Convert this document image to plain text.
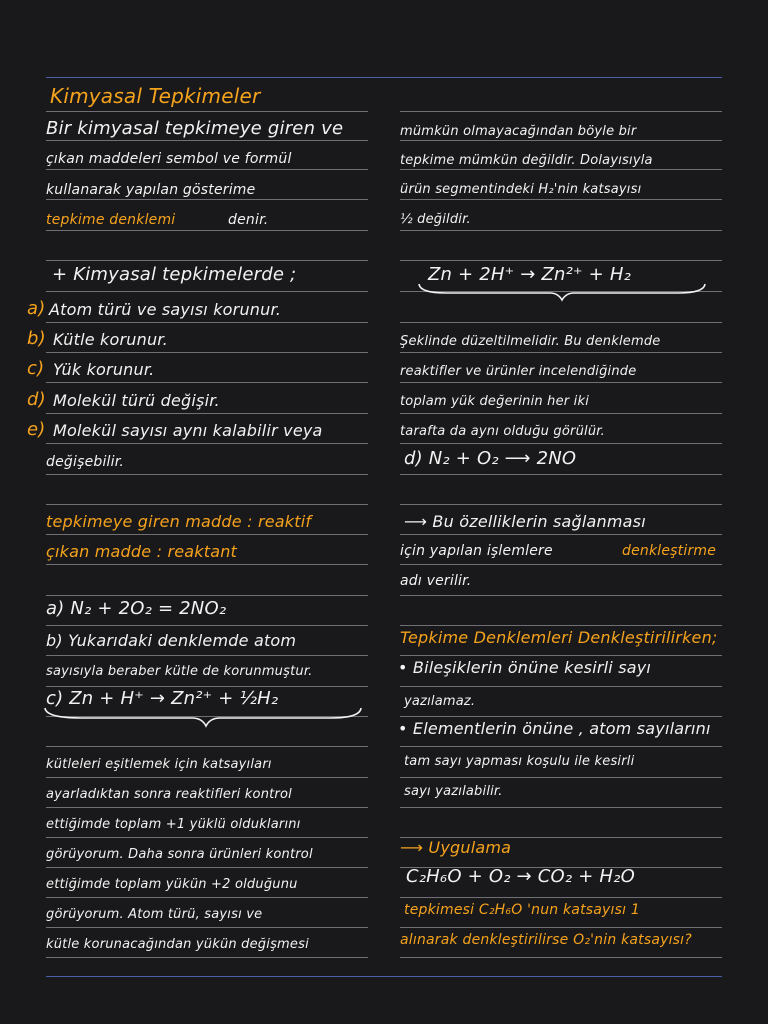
Kimyasal Tepkimeler
Bir kimyasal tepkimeye giren ve
çıkan maddeleri sembol ve formül
kullanarak yapılan gösterime
tepkime denklemi	denir.
+ Kimyasal tepkimelerde ;
a) Atom türü ve sayısı korunur.
b) Kütle korunur.
c) Yük korunur.
d) Molekül türü değişir.
e) Molekül sayısı aynı kalabilir veya
değişebilir.
tepkimeye giren madde : reaktif
çıkan madde : reaktant
a) N₂ + 2O₂ = 2NO₂
b) Yukarıdaki denklemde atom
sayısıyla beraber kütle de korunmuştur.
c) Zn + H⁺ → Zn²⁺ + ½H₂
kütleleri eşitlemek için katsayıları
ayarladıktan sonra reaktifleri kontrol
ettiğimde toplam +1 yüklü olduklarını
görüyorum. Daha sonra ürünleri kontrol
ettiğimde toplam yükün +2 olduğunu
görüyorum. Atom türü, sayısı ve
kütle korunacağından yükün değişmesi
mümkün olmayacağından böyle bir
tepkime mümkün değildir. Dolayısıyla
ürün segmentindeki H₂'nin katsayısı
½ değildir.
Zn + 2H⁺ → Zn²⁺ + H₂
Şeklinde düzeltilmelidir. Bu denklemde
reaktifler ve ürünler incelendiğinde
toplam yük değerinin her iki
tarafta da aynı olduğu görülür.
d) N₂ + O₂ ⟶ 2NO
⟶ Bu özelliklerin sağlanması
için yapılan işlemlere	denkleştirme
adı verilir.
Tepkime Denklemleri Denkleştirilirken;
• Bileşiklerin önüne kesirli sayı
yazılamaz.
• Elementlerin önüne , atom sayılarını
tam sayı yapması koşulu ile kesirli
sayı yazılabilir.
⟶ Uygulama
C₂H₆O + O₂ → CO₂ + H₂O
tepkimesi C₂H₆O 'nun katsayısı 1
alınarak denkleştirilirse O₂'nin katsayısı?
